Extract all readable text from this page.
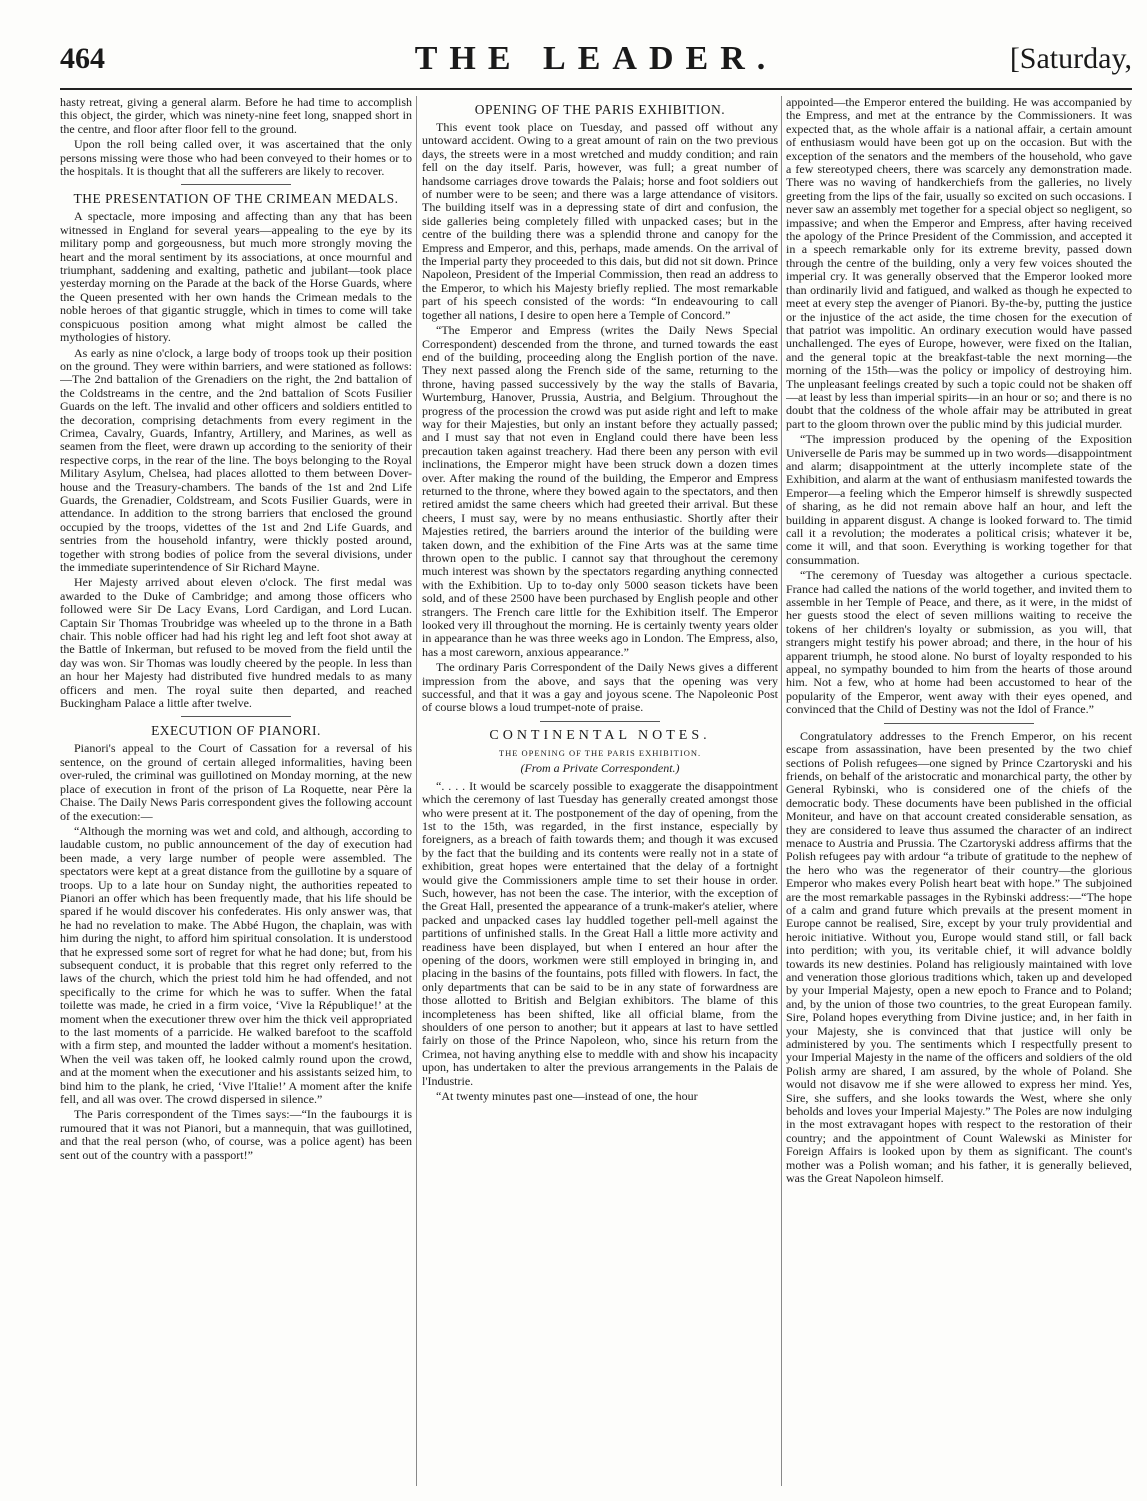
464	THE LEADER.	[Saturday,

hasty retreat, giving a general alarm. Before he had time to accomplish this object, the girder, which was ninety-nine feet long, snapped short in the centre, and floor after floor fell to the ground.

Upon the roll being called over, it was ascertained that the only persons missing were those who had been conveyed to their homes or to the hospitals. It is thought that all the sufferers are likely to recover.

THE PRESENTATION OF THE CRIMEAN MEDALS.

A spectacle, more imposing and affecting than any that has been witnessed in England for several years—appealing to the eye by its military pomp and gorgeousness, but much more strongly moving the heart and the moral sentiment by its associations, at once mournful and triumphant, saddening and exalting, pathetic and jubilant—took place yesterday morning on the Parade at the back of the Horse Guards, where the Queen presented with her own hands the Crimean medals to the noble heroes of that gigantic struggle, which in times to come will take conspicuous position among what might almost be called the mythologies of history.

As early as nine o'clock, a large body of troops took up their position on the ground. They were within barriers, and were stationed as follows:—The 2nd battalion of the Grenadiers on the right, the 2nd battalion of the Coldstreams in the centre, and the 2nd battalion of Scots Fusilier Guards on the left. The invalid and other officers and soldiers entitled to the decoration, comprising detachments from every regiment in the Crimea, Cavalry, Guards, Infantry, Artillery, and Marines, as well as seamen from the fleet, were drawn up according to the seniority of their respective corps, in the rear of the line. The boys belonging to the Royal Military Asylum, Chelsea, had places allotted to them between Dover-house and the Treasury-chambers. The bands of the 1st and 2nd Life Guards, the Grenadier, Coldstream, and Scots Fusilier Guards, were in attendance. In addition to the strong barriers that enclosed the ground occupied by the troops, videttes of the 1st and 2nd Life Guards, and sentries from the household infantry, were thickly posted around, together with strong bodies of police from the several divisions, under the immediate superintendence of Sir Richard Mayne.

Her Majesty arrived about eleven o'clock. The first medal was awarded to the Duke of Cambridge; and among those officers who followed were Sir De Lacy Evans, Lord Cardigan, and Lord Lucan. Captain Sir Thomas Troubridge was wheeled up to the throne in a Bath chair. This noble officer had had his right leg and left foot shot away at the Battle of Inkerman, but refused to be moved from the field until the day was won. Sir Thomas was loudly cheered by the people. In less than an hour her Majesty had distributed five hundred medals to as many officers and men. The royal suite then departed, and reached Buckingham Palace a little after twelve.

EXECUTION OF PIANORI.

Pianori's appeal to the Court of Cassation for a reversal of his sentence, on the ground of certain alleged informalities, having been over-ruled, the criminal was guillotined on Monday morning, at the new place of execution in front of the prison of La Roquette, near Père la Chaise. The Daily News Paris correspondent gives the following account of the execution:—

“Although the morning was wet and cold, and although, according to laudable custom, no public announcement of the day of execution had been made, a very large number of people were assembled. The spectators were kept at a great distance from the guillotine by a square of troops. Up to a late hour on Sunday night, the authorities repeated to Pianori an offer which has been frequently made, that his life should be spared if he would discover his confederates. His only answer was, that he had no revelation to make. The Abbé Hugon, the chaplain, was with him during the night, to afford him spiritual consolation. It is understood that he expressed some sort of regret for what he had done; but, from his subsequent conduct, it is probable that this regret only referred to the laws of the church, which the priest told him he had offended, and not specifically to the crime for which he was to suffer. When the fatal toilette was made, he cried in a firm voice, ‘Vive la République!’ at the moment when the executioner threw over him the thick veil appropriated to the last moments of a parricide. He walked barefoot to the scaffold with a firm step, and mounted the ladder without a moment's hesitation. When the veil was taken off, he looked calmly round upon the crowd, and at the moment when the executioner and his assistants seized him, to bind him to the plank, he cried, ‘Vive l'Italie!’ A moment after the knife fell, and all was over. The crowd dispersed in silence.”

The Paris correspondent of the Times says:—“In the faubourgs it is rumoured that it was not Pianori, but a mannequin, that was guillotined, and that the real person (who, of course, was a police agent) has been sent out of the country with a passport!”

OPENING OF THE PARIS EXHIBITION.

This event took place on Tuesday, and passed off without any untoward accident. Owing to a great amount of rain on the two previous days, the streets were in a most wretched and muddy condition; and rain fell on the day itself. Paris, however, was full; a great number of handsome carriages drove towards the Palais; horse and foot soldiers out of number were to be seen; and there was a large attendance of visitors. The building itself was in a depressing state of dirt and confusion, the side galleries being completely filled with unpacked cases; but in the centre of the building there was a splendid throne and canopy for the Empress and Emperor, and this, perhaps, made amends. On the arrival of the Imperial party they proceeded to this dais, but did not sit down. Prince Napoleon, President of the Imperial Commission, then read an address to the Emperor, to which his Majesty briefly replied. The most remarkable part of his speech consisted of the words: “In endeavouring to call together all nations, I desire to open here a Temple of Concord.”

“The Emperor and Empress (writes the Daily News Special Correspondent) descended from the throne, and turned towards the east end of the building, proceeding along the English portion of the nave. They next passed along the French side of the same, returning to the throne, having passed successively by the way the stalls of Bavaria, Wurtemburg, Hanover, Prussia, Austria, and Belgium. Throughout the progress of the procession the crowd was put aside right and left to make way for their Majesties, but only an instant before they actually passed; and I must say that not even in England could there have been less precaution taken against treachery. Had there been any person with evil inclinations, the Emperor might have been struck down a dozen times over. After making the round of the building, the Emperor and Empress returned to the throne, where they bowed again to the spectators, and then retired amidst the same cheers which had greeted their arrival. But these cheers, I must say, were by no means enthusiastic. Shortly after their Majesties retired, the barriers around the interior of the building were taken down, and the exhibition of the Fine Arts was at the same time thrown open to the public. I cannot say that throughout the ceremony much interest was shown by the spectators regarding anything connected with the Exhibition. Up to to-day only 5000 season tickets have been sold, and of these 2500 have been purchased by English people and other strangers. The French care little for the Exhibition itself. The Emperor looked very ill throughout the morning. He is certainly twenty years older in appearance than he was three weeks ago in London. The Empress, also, has a most careworn, anxious appearance.”

The ordinary Paris Correspondent of the Daily News gives a different impression from the above, and says that the opening was very successful, and that it was a gay and joyous scene. The Napoleonic Post of course blows a loud trumpet-note of praise.

CONTINENTAL NOTES.
THE OPENING OF THE PARIS EXHIBITION.
(From a Private Correspondent.)

“. . . . It would be scarcely possible to exaggerate the disappointment which the ceremony of last Tuesday has generally created amongst those who were present at it. The postponement of the day of opening, from the 1st to the 15th, was regarded, in the first instance, especially by foreigners, as a breach of faith towards them; and though it was excused by the fact that the building and its contents were really not in a state of exhibition, great hopes were entertained that the delay of a fortnight would give the Commissioners ample time to set their house in order. Such, however, has not been the case. The interior, with the exception of the Great Hall, presented the appearance of a trunk-maker's atelier, where packed and unpacked cases lay huddled together pell-mell against the partitions of unfinished stalls. In the Great Hall a little more activity and readiness have been displayed, but when I entered an hour after the opening of the doors, workmen were still employed in bringing in, and placing in the basins of the fountains, pots filled with flowers. In fact, the only departments that can be said to be in any state of forwardness are those allotted to British and Belgian exhibitors. The blame of this incompleteness has been shifted, like all official blame, from the shoulders of one person to another; but it appears at last to have settled fairly on those of the Prince Napoleon, who, since his return from the Crimea, not having anything else to meddle with and show his incapacity upon, has undertaken to alter the previous arrangements in the Palais de l'Industrie.

“At twenty minutes past one—instead of one, the hour

appointed—the Emperor entered the building. He was accompanied by the Empress, and met at the entrance by the Commissioners. It was expected that, as the whole affair is a national affair, a certain amount of enthusiasm would have been got up on the occasion. But with the exception of the senators and the members of the household, who gave a few stereotyped cheers, there was scarcely any demonstration made. There was no waving of handkerchiefs from the galleries, no lively greeting from the lips of the fair, usually so excited on such occasions. I never saw an assembly met together for a special object so negligent, so impassive; and when the Emperor and Empress, after having received the apology of the Prince President of the Commission, and accepted it in a speech remarkable only for its extreme brevity, passed down through the centre of the building, only a very few voices shouted the imperial cry. It was generally observed that the Emperor looked more than ordinarily livid and fatigued, and walked as though he expected to meet at every step the avenger of Pianori. By-the-by, putting the justice or the injustice of the act aside, the time chosen for the execution of that patriot was impolitic. An ordinary execution would have passed unchallenged. The eyes of Europe, however, were fixed on the Italian, and the general topic at the breakfast-table the next morning—the morning of the 15th—was the policy or impolicy of destroying him. The unpleasant feelings created by such a topic could not be shaken off—at least by less than imperial spirits—in an hour or so; and there is no doubt that the coldness of the whole affair may be attributed in great part to the gloom thrown over the public mind by this judicial murder.

“The impression produced by the opening of the Exposition Universelle de Paris may be summed up in two words—disappointment and alarm; disappointment at the utterly incomplete state of the Exhibition, and alarm at the want of enthusiasm manifested towards the Emperor—a feeling which the Emperor himself is shrewdly suspected of sharing, as he did not remain above half an hour, and left the building in apparent disgust. A change is looked forward to. The timid call it a revolution; the moderates a political crisis; whatever it be, come it will, and that soon. Everything is working together for that consummation.

“The ceremony of Tuesday was altogether a curious spectacle. France had called the nations of the world together, and invited them to assemble in her Temple of Peace, and there, as it were, in the midst of her guests stood the elect of seven millions waiting to receive the tokens of her children's loyalty or submission, as you will, that strangers might testify his power abroad; and there, in the hour of his apparent triumph, he stood alone. No burst of loyalty responded to his appeal, no sympathy bounded to him from the hearts of those around him. Not a few, who at home had been accustomed to hear of the popularity of the Emperor, went away with their eyes opened, and convinced that the Child of Destiny was not the Idol of France.”

Congratulatory addresses to the French Emperor, on his recent escape from assassination, have been presented by the two chief sections of Polish refugees—one signed by Prince Czartoryski and his friends, on behalf of the aristocratic and monarchical party, the other by General Rybinski, who is considered one of the chiefs of the democratic body. These documents have been published in the official Moniteur, and have on that account created considerable sensation, as they are considered to leave thus assumed the character of an indirect menace to Austria and Prussia. The Czartoryski address affirms that the Polish refugees pay with ardour “a tribute of gratitude to the nephew of the hero who was the regenerator of their country—the glorious Emperor who makes every Polish heart beat with hope.” The subjoined are the most remarkable passages in the Rybinski address:—“The hope of a calm and grand future which prevails at the present moment in Europe cannot be realised, Sire, except by your truly providential and heroic initiative. Without you, Europe would stand still, or fall back into perdition; with you, its veritable chief, it will advance boldly towards its new destinies. Poland has religiously maintained with love and veneration those glorious traditions which, taken up and developed by your Imperial Majesty, open a new epoch to France and to Poland; and, by the union of those two countries, to the great European family. Sire, Poland hopes everything from Divine justice; and, in her faith in your Majesty, she is convinced that that justice will only be administered by you. The sentiments which I respectfully present to your Imperial Majesty in the name of the officers and soldiers of the old Polish army are shared, I am assured, by the whole of Poland. She would not disavow me if she were allowed to express her mind. Yes, Sire, she suffers, and she looks towards the West, where she only beholds and loves your Imperial Majesty.” The Poles are now indulging in the most extravagant hopes with respect to the restoration of their country; and the appointment of Count Walewski as Minister for Foreign Affairs is looked upon by them as significant. The count's mother was a Polish woman; and his father, it is generally believed, was the Great Napoleon himself.
